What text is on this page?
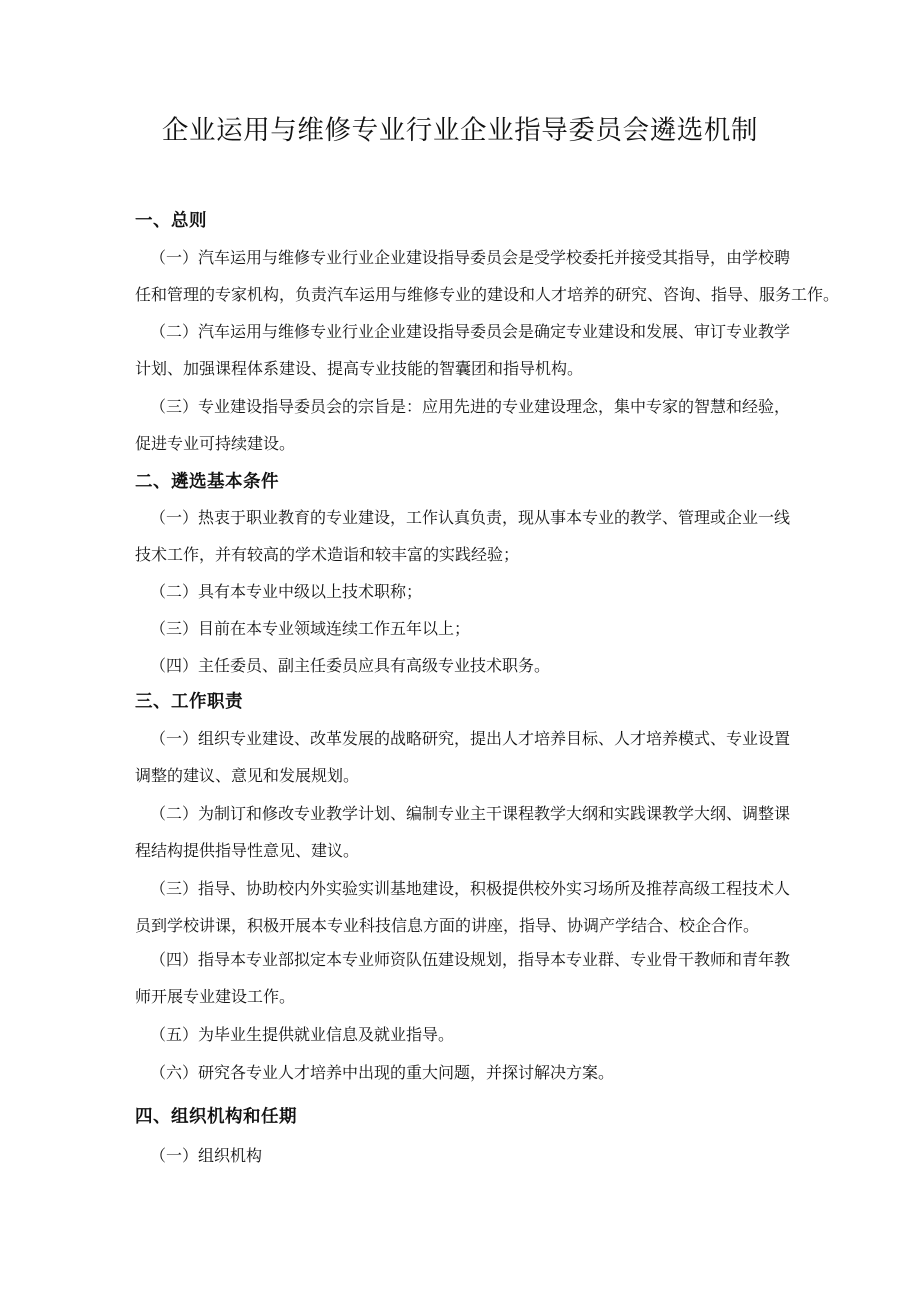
企业运用与维修专业行业企业指导委员会遴选机制
一、总则

（一）汽车运用与维修专业行业企业建设指导委员会是受学校委托并接受其指导，由学校聘
任和管理的专家机构，负责汽车运用与维修专业的建设和人才培养的研究、咨询、指导、服务工作。

（二）汽车运用与维修专业行业企业建设指导委员会是确定专业建设和发展、审订专业教学
计划、加强课程体系建设、提高专业技能的智囊团和指导机构。

（三）专业建设指导委员会的宗旨是：应用先进的专业建设理念，集中专家的智慧和经验，
促进专业可持续建设。

二、遴选基本条件

（一）热衷于职业教育的专业建设，工作认真负责，现从事本专业的教学、管理或企业一线
技术工作，并有较高的学术造诣和较丰富的实践经验；

（二）具有本专业中级以上技术职称；

（三）目前在本专业领域连续工作五年以上；

（四）主任委员、副主任委员应具有高级专业技术职务。

三、工作职责

（一）组织专业建设、改革发展的战略研究，提出人才培养目标、人才培养模式、专业设置
调整的建议、意见和发展规划。

（二）为制订和修改专业教学计划、编制专业主干课程教学大纲和实践课教学大纲、调整课
程结构提供指导性意见、建议。

（三）指导、协助校内外实验实训基地建设，积极提供校外实习场所及推荐高级工程技术人
员到学校讲课，积极开展本专业科技信息方面的讲座，指导、协调产学结合、校企合作。

（四）指导本专业部拟定本专业师资队伍建设规划，指导本专业群、专业骨干教师和青年教
师开展专业建设工作。

（五）为毕业生提供就业信息及就业指导。

（六）研究各专业人才培养中出现的重大问题，并探讨解决方案。

四、组织机构和任期

（一）组织机构
